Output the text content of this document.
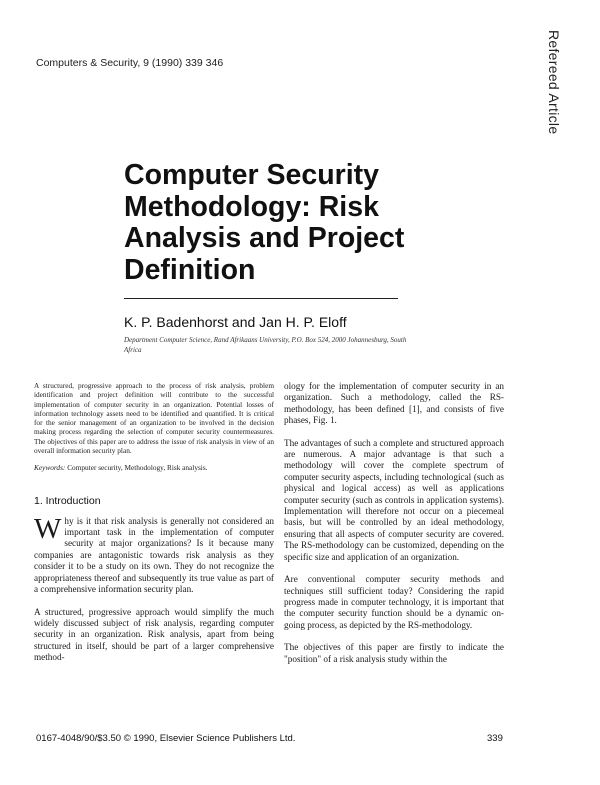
Computers & Security, 9 (1990) 339 346	Refereed Article
Computer Security Methodology: Risk Analysis and Project Definition
K. P. Badenhorst and Jan H. P. Eloff
Department Computer Science, Rand Afrikaans University, P.O. Box 524, 2000 Johannesburg, South Africa

A structured, progressive approach to the process of risk analysis, problem identification and project definition will contribute to the successful implementation of computer security in an organization. Potential losses of information technology assets need to be identified and quantified. It is critical for the senior management of an organization to be involved in the decision making process regarding the selection of computer security countermeasures. The objectives of this paper are to address the issue of risk analysis in view of an overall information security plan.

Keywords: Computer security, Methodology, Risk analysis.

1. Introduction

Why is it that risk analysis is generally not considered an important task in the implementation of computer security at major organizations? Is it because many companies are antagonistic towards risk analysis as they consider it to be a study on its own. They do not recognize the appropriateness thereof and subsequently its true value as part of a comprehensive information security plan.

A structured, progressive approach would simplify the much widely discussed subject of risk analysis, regarding computer security in an organization. Risk analysis, apart from being structured in itself, should be part of a larger comprehensive method-

ology for the implementation of computer security in an organization. Such a methodology, called the RS-methodology, has been defined [1], and consists of five phases, Fig. 1.

The advantages of such a complete and structured approach are numerous. A major advantage is that such a methodology will cover the complete spectrum of computer security aspects, including technological (such as physical and logical access) as well as applications computer security (such as controls in application systems). Implementation will therefore not occur on a piecemeal basis, but will be controlled by an ideal methodology, ensuring that all aspects of computer security are covered. The RS-methodology can be customized, depending on the specific size and application of an organization.

Are conventional computer security methods and techniques still sufficient today? Considering the rapid progress made in computer technology, it is important that the computer security function should be a dynamic on-going process, as depicted by the RS-methodology.

The objectives of this paper are firstly to indicate the "position" of a risk analysis study within the

0167-4048/90/$3.50 © 1990, Elsevier Science Publishers Ltd.	339
